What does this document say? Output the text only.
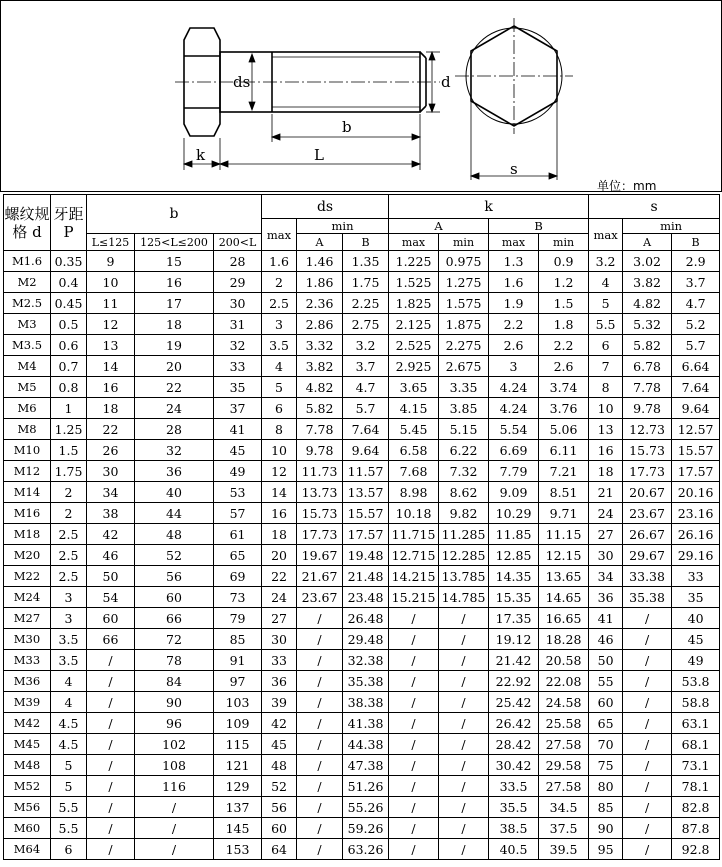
ds	d
b
k	L
s
单位：mm
螺纹规格 d	牙距P	b			ds			k				s		
					max	min		A		B		max	min	
		L≤125	125<L≤200	200<L		A	B	max	min	max	min		A	B
M1.6	0.35	9	15	28	1.6	1.46	1.35	1.225	0.975	1.3	0.9	3.2	3.02	2.9
M2	0.4	10	16	29	2	1.86	1.75	1.525	1.275	1.6	1.2	4	3.82	3.7
M2.5	0.45	11	17	30	2.5	2.36	2.25	1.825	1.575	1.9	1.5	5	4.82	4.7
M3	0.5	12	18	31	3	2.86	2.75	2.125	1.875	2.2	1.8	5.5	5.32	5.2
M3.5	0.6	13	19	32	3.5	3.32	3.2	2.525	2.275	2.6	2.2	6	5.82	5.7
M4	0.7	14	20	33	4	3.82	3.7	2.925	2.675	3	2.6	7	6.78	6.64
M5	0.8	16	22	35	5	4.82	4.7	3.65	3.35	4.24	3.74	8	7.78	7.64
M6	1	18	24	37	6	5.82	5.7	4.15	3.85	4.24	3.76	10	9.78	9.64
M8	1.25	22	28	41	8	7.78	7.64	5.45	5.15	5.54	5.06	13	12.73	12.57
M10	1.5	26	32	45	10	9.78	9.64	6.58	6.22	6.69	6.11	16	15.73	15.57
M12	1.75	30	36	49	12	11.73	11.57	7.68	7.32	7.79	7.21	18	17.73	17.57
M14	2	34	40	53	14	13.73	13.57	8.98	8.62	9.09	8.51	21	20.67	20.16
M16	2	38	44	57	16	15.73	15.57	10.18	9.82	10.29	9.71	24	23.67	23.16
M18	2.5	42	48	61	18	17.73	17.57	11.715	11.285	11.85	11.15	27	26.67	26.16
M20	2.5	46	52	65	20	19.67	19.48	12.715	12.285	12.85	12.15	30	29.67	29.16
M22	2.5	50	56	69	22	21.67	21.48	14.215	13.785	14.35	13.65	34	33.38	33
M24	3	54	60	73	24	23.67	23.48	15.215	14.785	15.35	14.65	36	35.38	35
M27	3	60	66	79	27	/	26.48	/	/	17.35	16.65	41	/	40
M30	3.5	66	72	85	30	/	29.48	/	/	19.12	18.28	46	/	45
M33	3.5	/	78	91	33	/	32.38	/	/	21.42	20.58	50	/	49
M36	4	/	84	97	36	/	35.38	/	/	22.92	22.08	55	/	53.8
M39	4	/	90	103	39	/	38.38	/	/	25.42	24.58	60	/	58.8
M42	4.5	/	96	109	42	/	41.38	/	/	26.42	25.58	65	/	63.1
M45	4.5	/	102	115	45	/	44.38	/	/	28.42	27.58	70	/	68.1
M48	5	/	108	121	48	/	47.38	/	/	30.42	29.58	75	/	73.1
M52	5	/	116	129	52	/	51.26	/	/	33.5	27.58	80	/	78.1
M56	5.5	/	/	137	56	/	55.26	/	/	35.5	34.5	85	/	82.8
M60	5.5	/	/	145	60	/	59.26	/	/	38.5	37.5	90	/	87.8
M64	6	/	/	153	64	/	63.26	/	/	40.5	39.5	95	/	92.8
